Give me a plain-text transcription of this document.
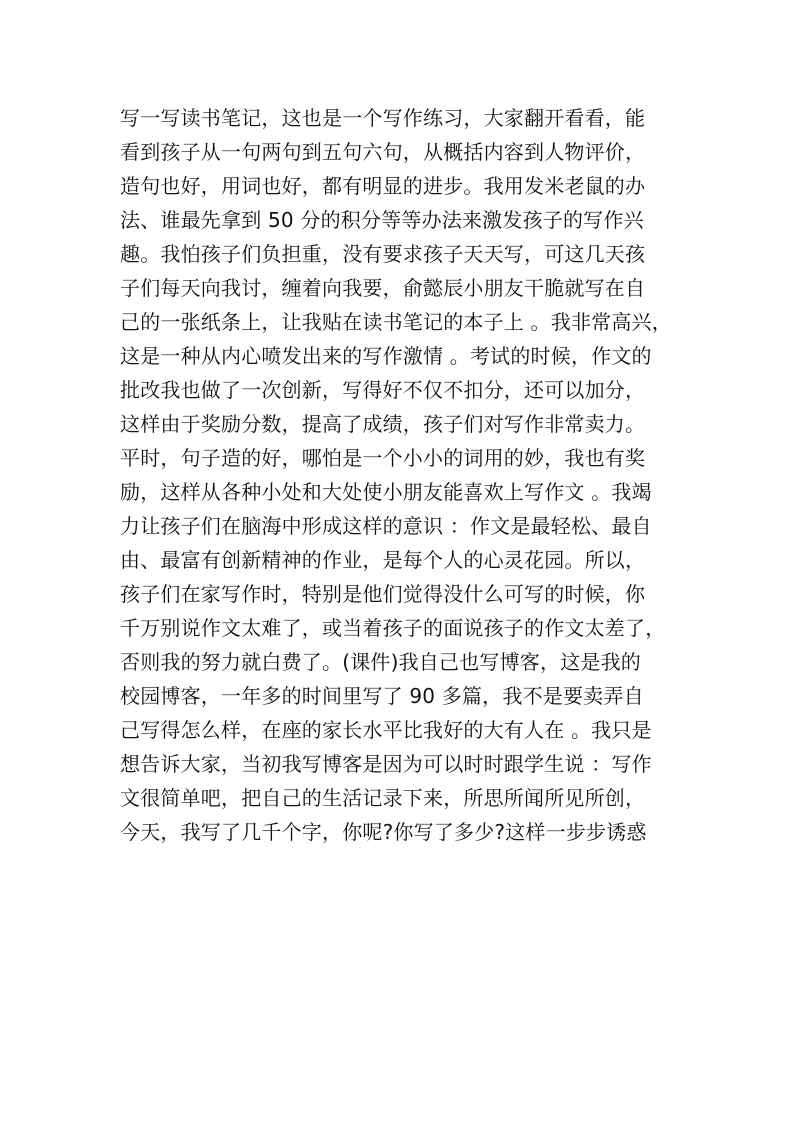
写一写读书笔记，这也是一个写作练习，大家翻开看看，能
看到孩子从一句两句到五句六句，从概括内容到人物评价，
造句也好，用词也好，都有明显的进步。我用发米老鼠的办
法、谁最先拿到 50 分的积分等等办法来激发孩子的写作兴
趣。我怕孩子们负担重，没有要求孩子天天写，可这几天孩
子们每天向我讨，缠着向我要，俞懿辰小朋友干脆就写在自
己的一张纸条上，让我贴在读书笔记的本子上 。我非常高兴，
这是一种从内心喷发出来的写作激情 。考试的时候，作文的
批改我也做了一次创新，写得好不仅不扣分，还可以加分，
这样由于奖励分数，提高了成绩，孩子们对写作非常卖力。
平时，句子造的好，哪怕是一个小小的词用的妙，我也有奖
励，这样从各种小处和大处使小朋友能喜欢上写作文 。我竭
力让孩子们在脑海中形成这样的意识 ：作文是最轻松、最自
由、最富有创新精神的作业，是每个人的心灵花园。所以，
孩子们在家写作时，特别是他们觉得没什么可写的时候，你
千万别说作文太难了，或当着孩子的面说孩子的作文太差了，
否则我的努力就白费了。(课件)我自己也写博客，这是我的
校园博客，一年多的时间里写了 90 多篇，我不是要卖弄自
己写得怎么样，在座的家长水平比我好的大有人在 。我只是
想告诉大家，当初我写博客是因为可以时时跟学生说 ：写作
文很简单吧，把自己的生活记录下来，所思所闻所见所创，
今天，我写了几千个字，你呢?你写了多少?这样一步步诱惑
